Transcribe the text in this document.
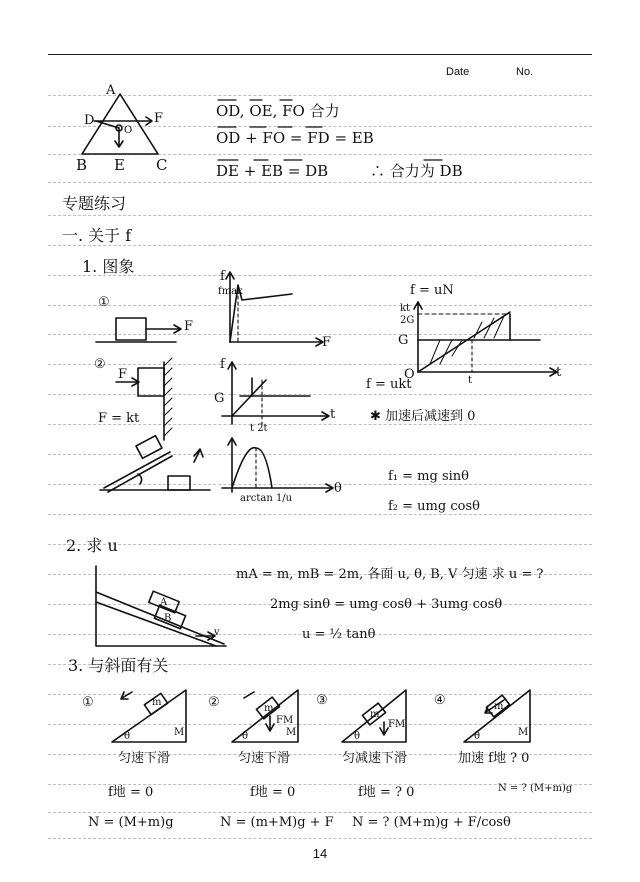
Date	No.
A
D	F
O
B E C
OD, OE, FO 合力
OD + FO = FD = EB
DE + EB = DB	∴ 合力为 DB
专题练习
一. 关于 f
1. 图象
①
F
f
fmax
F
f = uN
kt
2G
G
O	t
t
②
F
f
G
t 2t
t
f = ukt
F = kt	✱ 加速后减速到 0
arctan 1/u
θ
f₁ = mg sinθ
f₂ = umg cosθ
2. 求 u
mA = m, mB = 2m, 各面 u, θ, B, V 匀速 求 u = ?
2mg sinθ = umg cosθ + 3umg cosθ
u = ½ tanθ
A
B
v
3. 与斜面有关
①	m
M
θ
匀速下滑
f地 = 0
N = (M+m)g
②	m
FM
M
θ
匀速下滑
f地 = 0
N = (m+M)g + F
③
m
FM
θ
匀减速下滑
f地 = ? 0
N = ? (M+m)g + F/cosθ
④	m
M
θ
加速 f地 ? 0
N = ? (M+m)g
14
